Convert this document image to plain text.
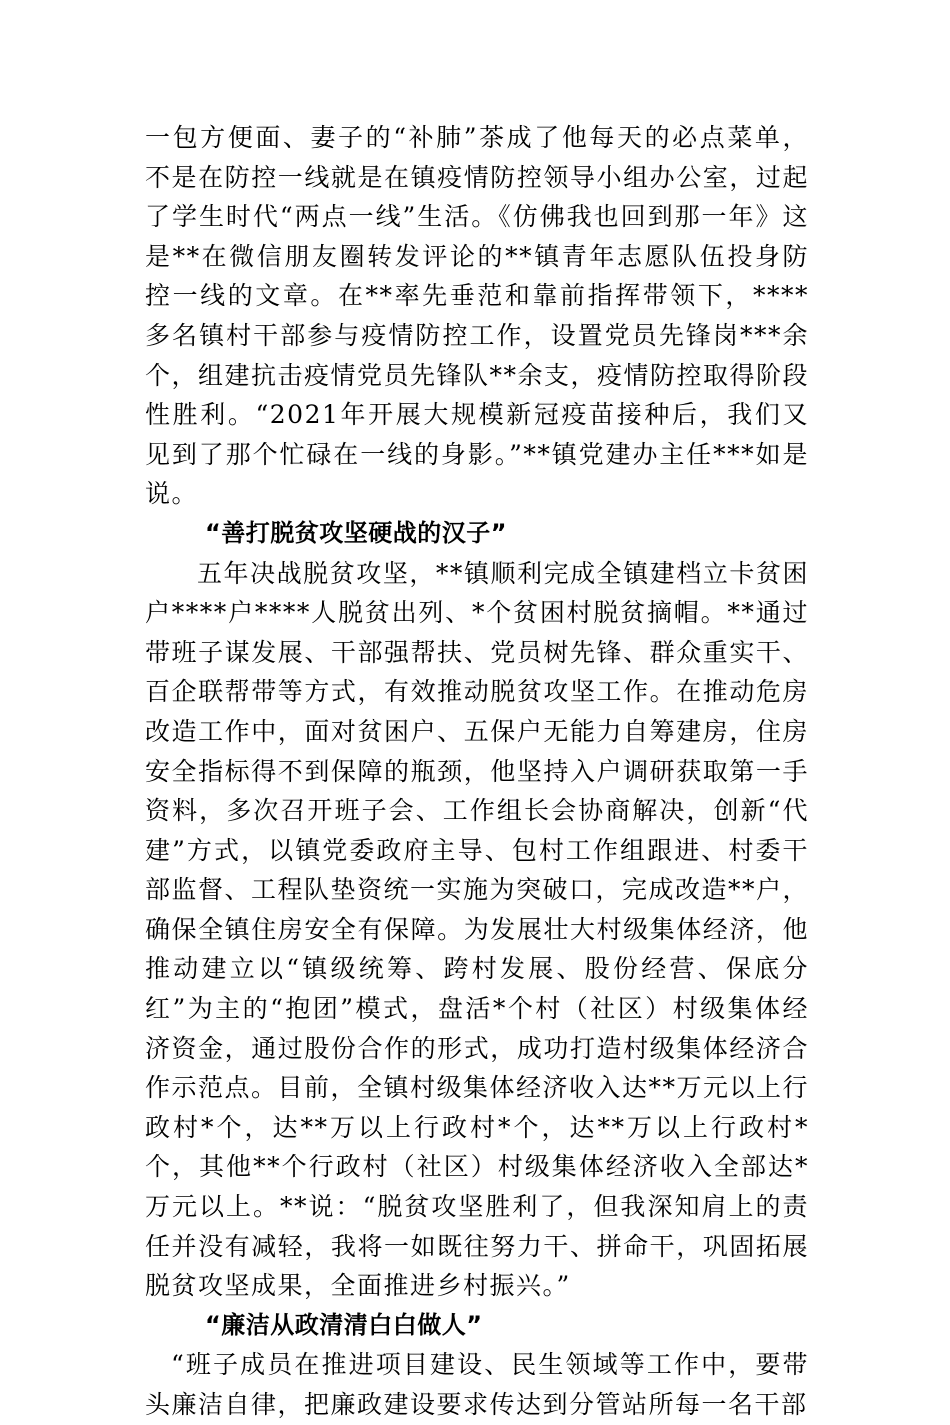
一包方便面、妻子的“补肺”茶成了他每天的必点菜单，不是在防控一线就是在镇疫情防控领导小组办公室，过起了学生时代“两点一线”生活。《仿佛我也回到那一年》这是**在微信朋友圈转发评论的**镇青年志愿队伍投身防控一线的文章。在**率先垂范和靠前指挥带领下，****多名镇村干部参与疫情防控工作，设置党员先锋岗***余个，组建抗击疫情党员先锋队**余支，疫情防控取得阶段性胜利。“2021年开展大规模新冠疫苗接种后，我们又见到了那个忙碌在一线的身影。”**镇党建办主任***如是说。

“善打脱贫攻坚硬战的汉子”

五年决战脱贫攻坚，**镇顺利完成全镇建档立卡贫困户****户****人脱贫出列、*个贫困村脱贫摘帽。**通过带班子谋发展、干部强帮扶、党员树先锋、群众重实干、百企联帮带等方式，有效推动脱贫攻坚工作。在推动危房改造工作中，面对贫困户、五保户无能力自筹建房，住房安全指标得不到保障的瓶颈，他坚持入户调研获取第一手资料，多次召开班子会、工作组长会协商解决，创新“代建”方式，以镇党委政府主导、包村工作组跟进、村委干部监督、工程队垫资统一实施为突破口，完成改造**户，确保全镇住房安全有保障。为发展壮大村级集体经济，他推动建立以“镇级统筹、跨村发展、股份经营、保底分红”为主的“抱团”模式，盘活*个村（社区）村级集体经济资金，通过股份合作的形式，成功打造村级集体经济合作示范点。目前，全镇村级集体经济收入达**万元以上行政村*个，达**万以上行政村*个，达**万以上行政村*个，其他**个行政村（社区）村级集体经济收入全部达*万元以上。**说：“脱贫攻坚胜利了，但我深知肩上的责任并没有减轻，我将一如既往努力干、拼命干，巩固拓展脱贫攻坚成果，全面推进乡村振兴。”

“廉洁从政清清白白做人”

“班子成员在推进项目建设、民生领域等工作中，要带头廉洁自律，把廉政建设要求传达到分管站所每一名干部
